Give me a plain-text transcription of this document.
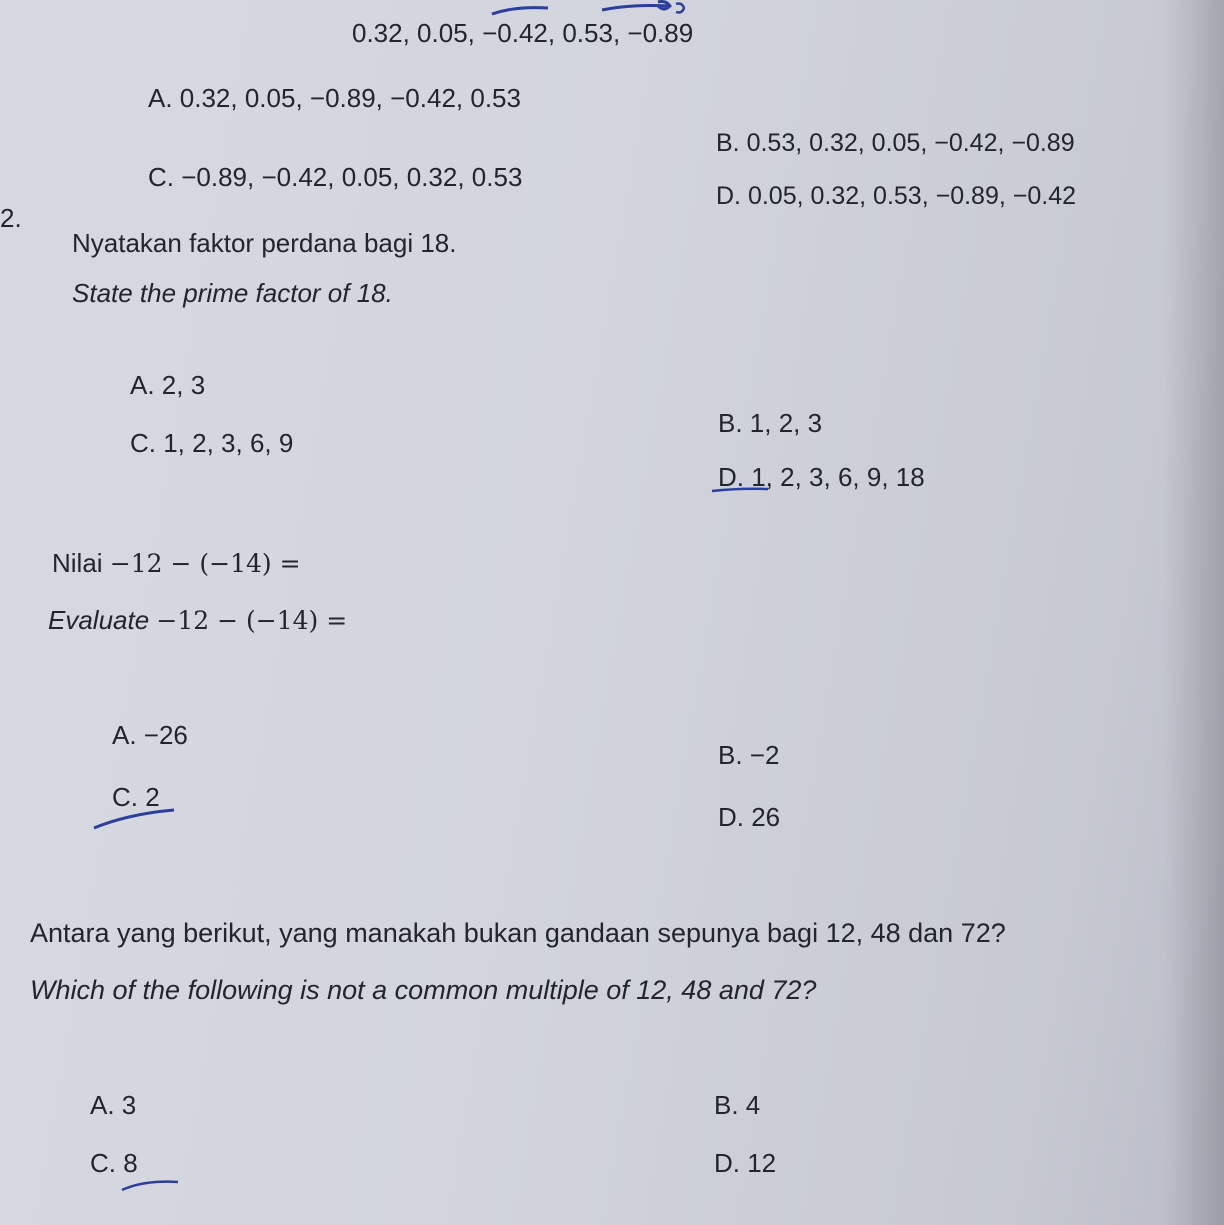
0.32, 0.05, −0.42, 0.53, −0.89
A. 0.32, 0.05, −0.89, −0.42, 0.53
B. 0.53, 0.32, 0.05, −0.42, −0.89
C. −0.89, −0.42, 0.05, 0.32, 0.53
D. 0.05, 0.32, 0.53, −0.89, −0.42
2.
Nyatakan faktor perdana bagi 18.
State the prime factor of 18.
A. 2, 3
B. 1, 2, 3
C. 1, 2, 3, 6, 9
D. 1, 2, 3, 6, 9, 18
Nilai −12 − (−14) =
Evaluate −12 − (−14) =
A. −26
B. −2
C. 2
D. 26
Antara yang berikut, yang manakah bukan gandaan sepunya bagi 12, 48 dan 72?
Which of the following is not a common multiple of 12, 48 and 72?
A. 3	B. 4
C. 8	D. 12
